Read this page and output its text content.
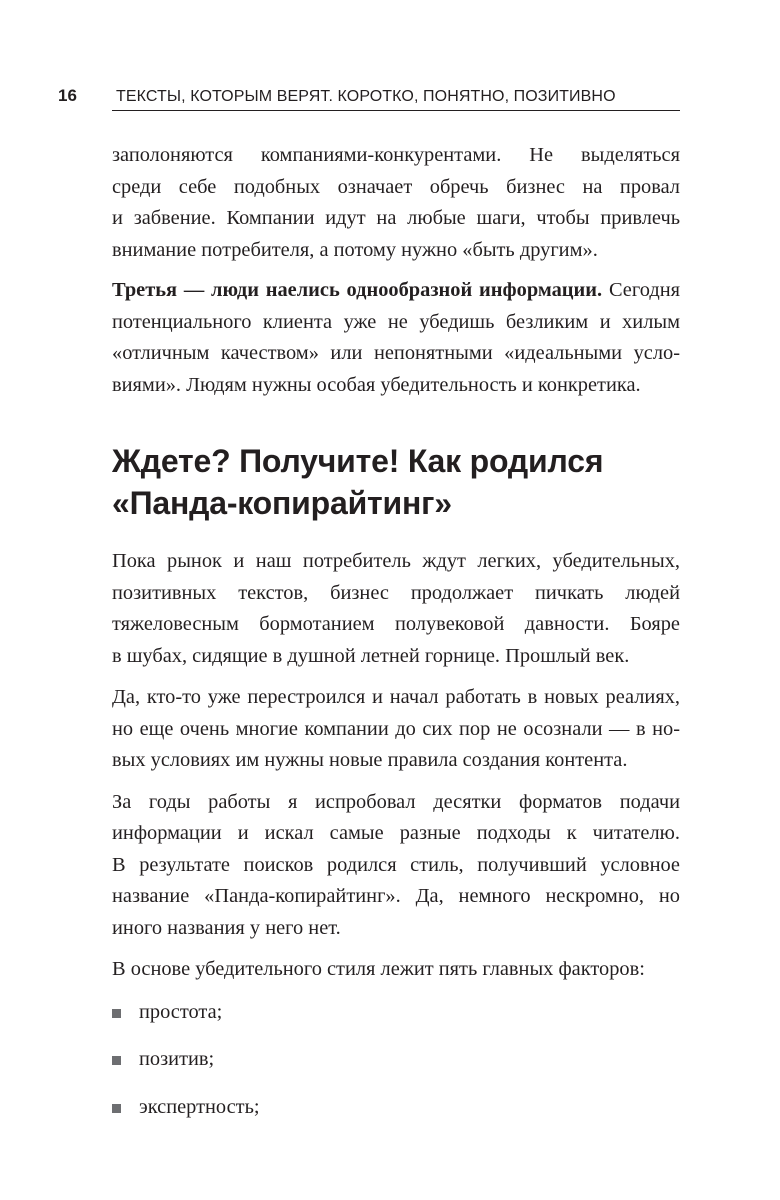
16 ТЕКСТЫ, КОТОРЫМ ВЕРЯТ. КОРОТКО, ПОНЯТНО, ПОЗИТИВНО

заполоняются компаниями-конкурентами. Не выделяться
среди себе подобных означает обречь бизнес на провал
и забвение. Компании идут на любые шаги, чтобы привлечь
внимание потребителя, а потому нужно «быть другим».

Третья — люди наелись однообразной информации. Сегодня
потенциального клиента уже не убедишь безликим и хилым
«отличным качеством» или непонятными «идеальными усло-
виями». Людям нужны особая убедительность и конкретика.

Ждете? Получите! Как родился
«Панда-копирайтинг»

Пока рынок и наш потребитель ждут легких, убедительных,
позитивных текстов, бизнес продолжает пичкать людей
тяжеловесным бормотанием полувековой давности. Бояре
в шубах, сидящие в душной летней горнице. Прошлый век.

Да, кто-то уже перестроился и начал работать в новых реалиях,
но еще очень многие компании до сих пор не осознали — в но-
вых условиях им нужны новые правила создания контента.

За годы работы я испробовал десятки форматов подачи
информации и искал самые разные подходы к читателю.
В результате поисков родился стиль, получивший условное
название «Панда-копирайтинг». Да, немного нескромно, но
иного названия у него нет.

В основе убедительного стиля лежит пять главных факторов:

простота;
позитив;
экспертность;
